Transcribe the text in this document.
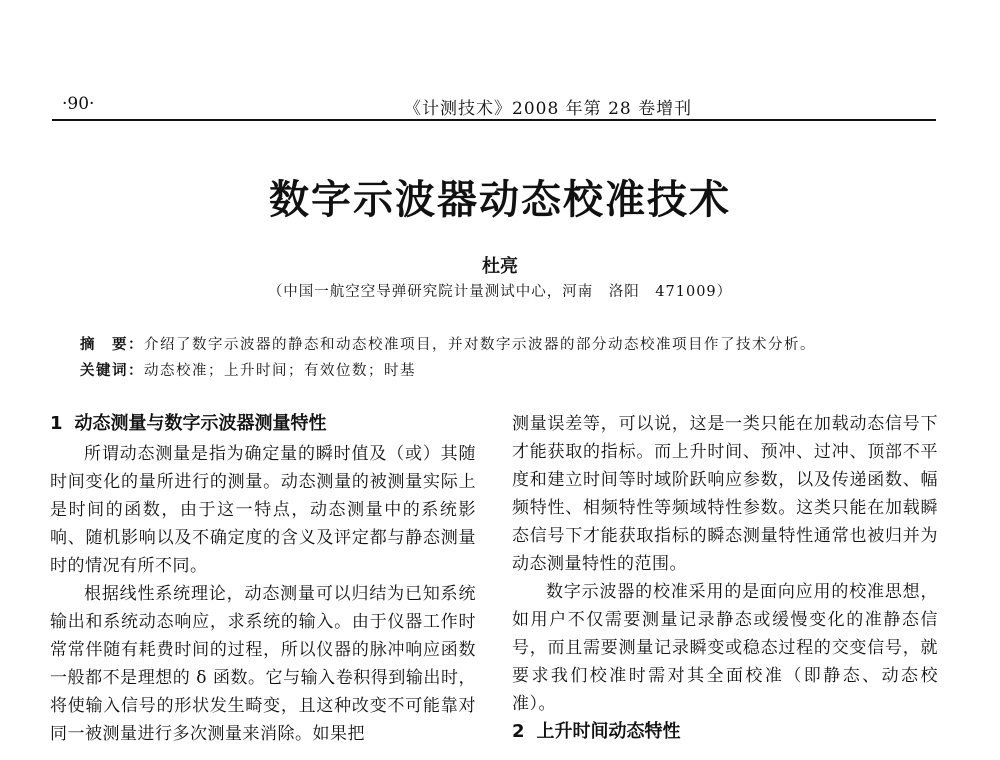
·90·	《计测技术》2008 年第 28 卷增刊
数字示波器动态校准技术
杜亮
（中国一航空空导弹研究院计量测试中心，河南　洛阳　471009）
摘　要：介绍了数字示波器的静态和动态校准项目，并对数字示波器的部分动态校准项目作了技术分析。
关键词：动态校准；上升时间；有效位数；时基
1 动态测量与数字示波器测量特性

所谓动态测量是指为确定量的瞬时值及（或）其随时间变化的量所进行的测量。动态测量的被测量实际上是时间的函数，由于这一特点，动态测量中的系统影响、随机影响以及不确定度的含义及评定都与静态测量时的情况有所不同。

根据线性系统理论，动态测量可以归结为已知系统输出和系统动态响应，求系统的输入。由于仪器工作时常常伴随有耗费时间的过程，所以仪器的脉冲响应函数一般都不是理想的 δ 函数。它与输入卷积得到输出时，将使输入信号的形状发生畸变，且这种改变不可能靠对同一被测量进行多次测量来消除。如果把

测量误差等，可以说，这是一类只能在加载动态信号下才能获取的指标。而上升时间、预冲、过冲、顶部不平度和建立时间等时域阶跃响应参数，以及传递函数、幅频特性、相频特性等频域特性参数。这类只能在加载瞬态信号下才能获取指标的瞬态测量特性通常也被归并为动态测量特性的范围。

数字示波器的校准采用的是面向应用的校准思想，如用户不仅需要测量记录静态或缓慢变化的准静态信号，而且需要测量记录瞬变或稳态过程的交变信号，就要求我们校准时需对其全面校准（即静态、动态校准）。

2 上升时间动态特性
